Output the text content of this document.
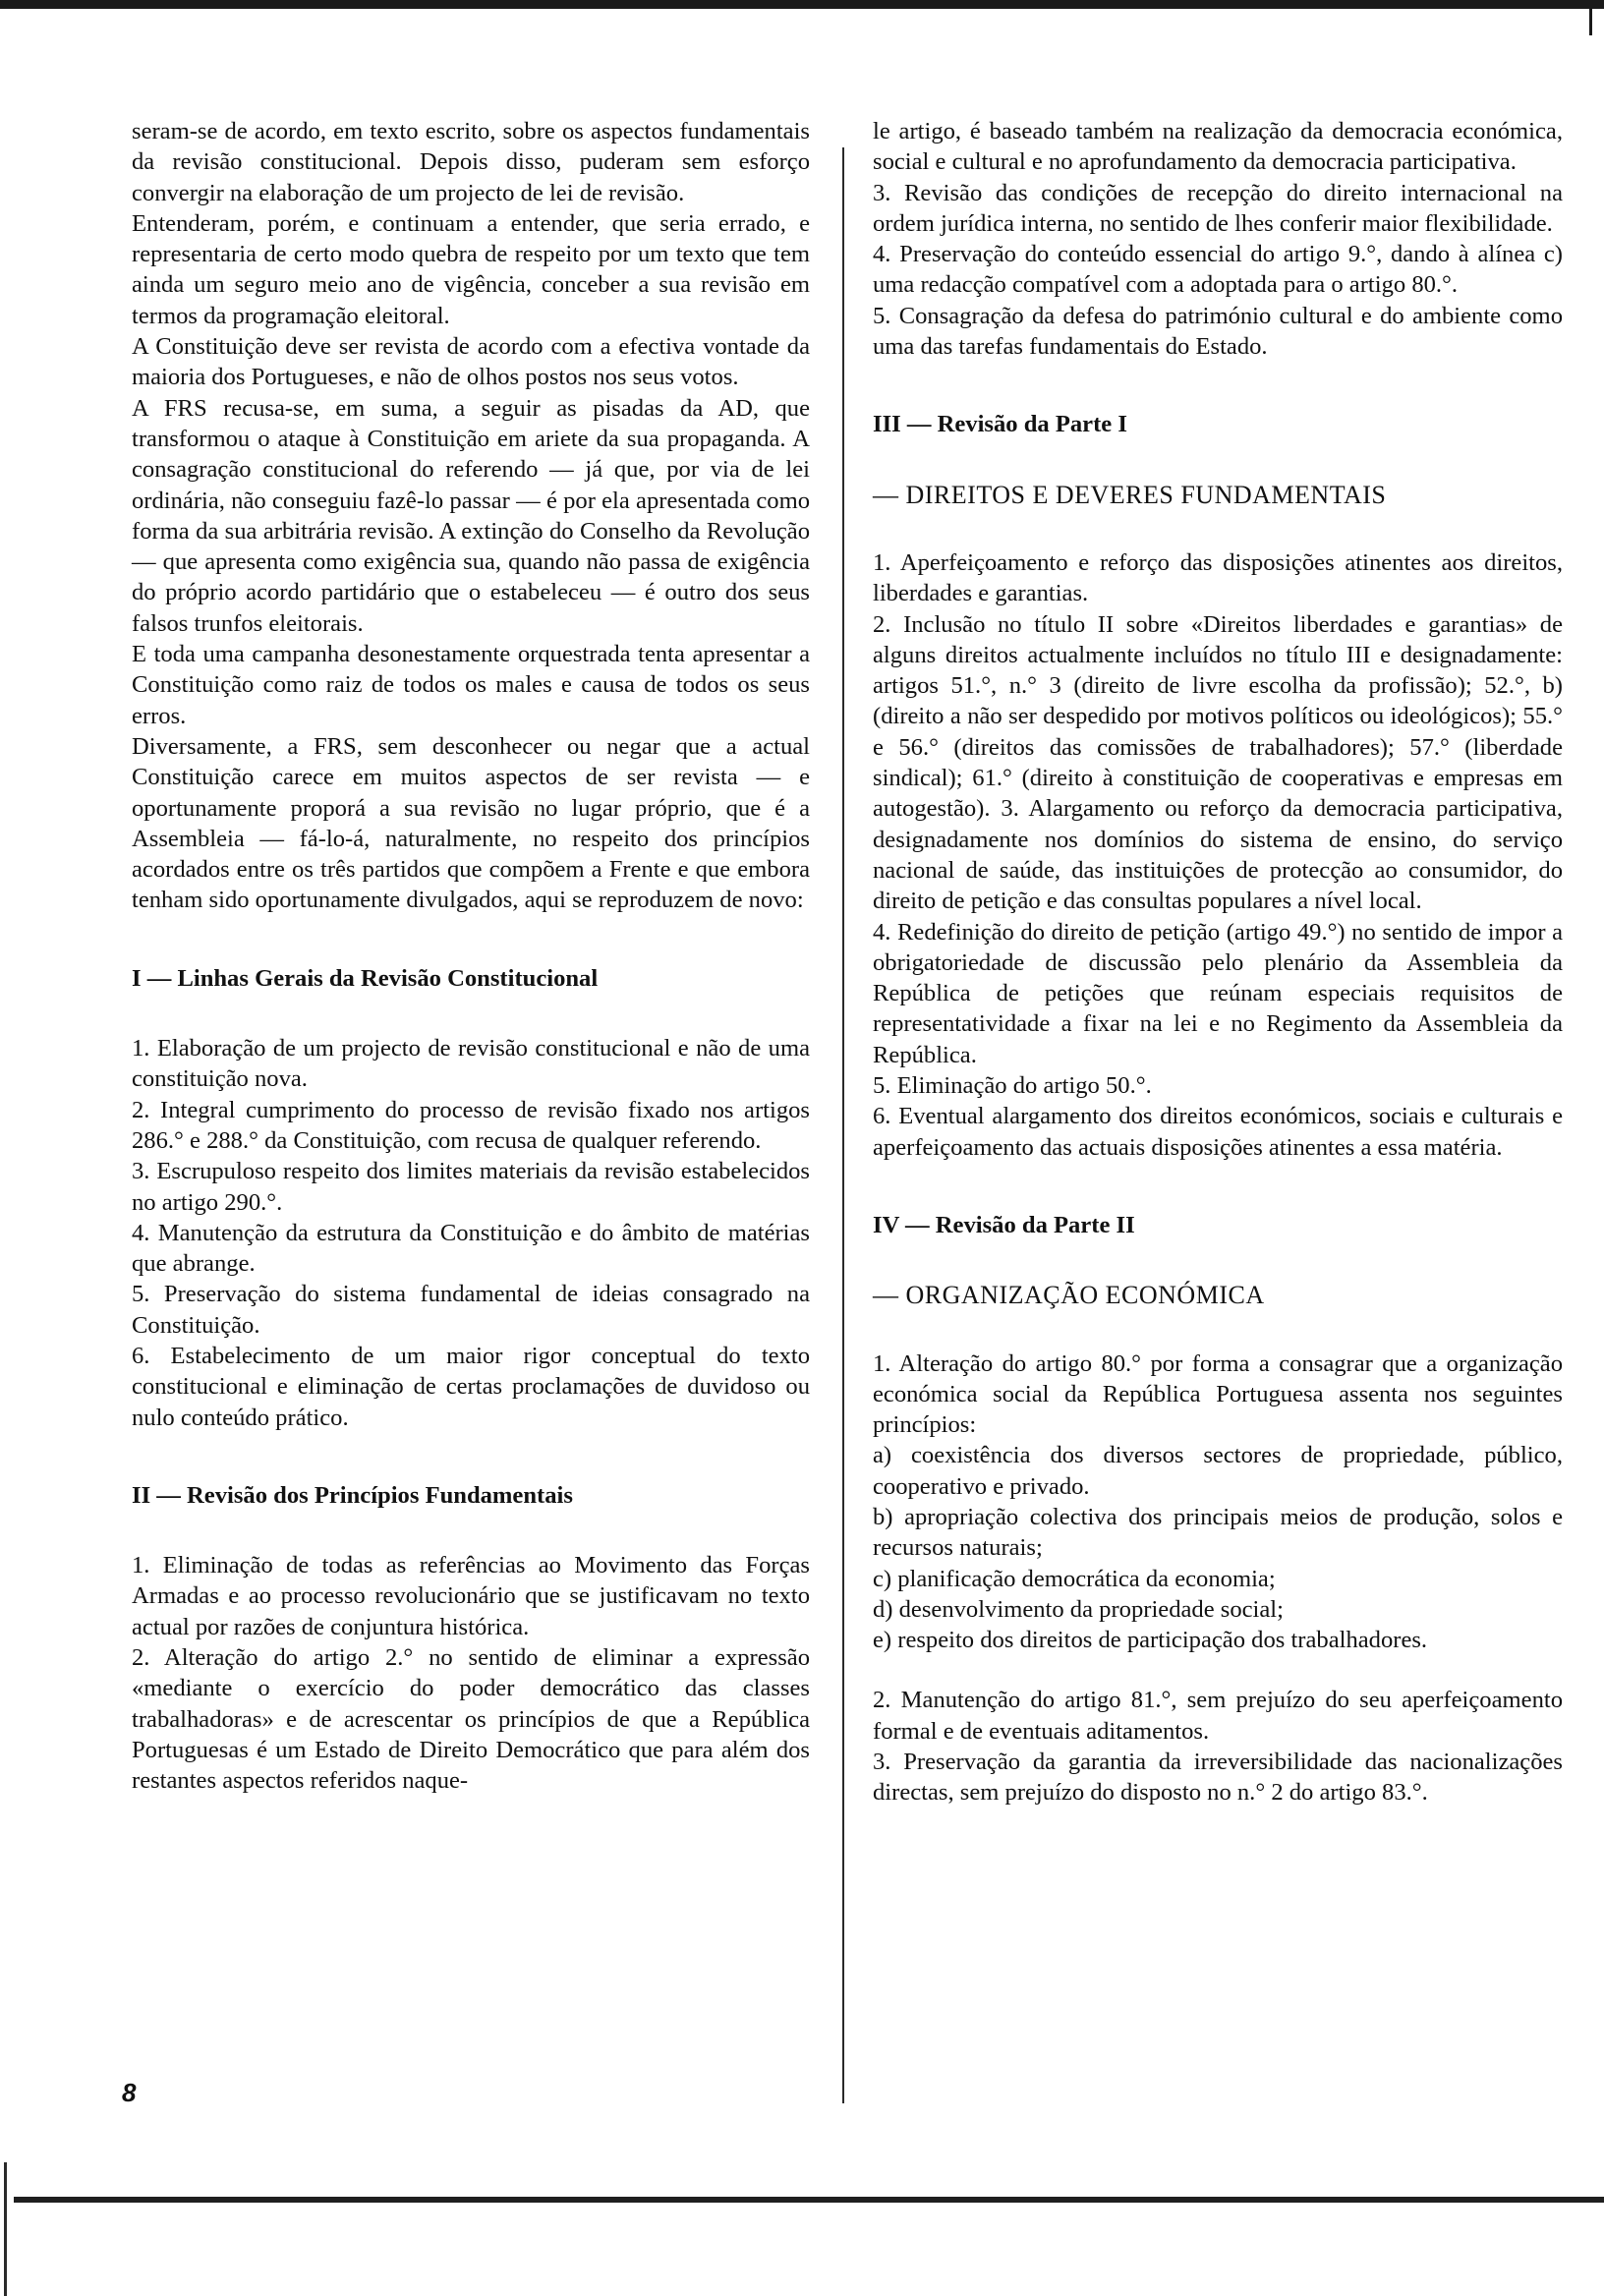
seram-se de acordo, em texto escrito, sobre os aspectos fundamentais da revisão constitucional. Depois disso, puderam sem esforço convergir na elaboração de um projecto de lei de revisão.

Entenderam, porém, e continuam a entender, que seria errado, e representaria de certo modo quebra de respeito por um texto que tem ainda um seguro meio ano de vigência, conceber a sua revisão em termos da programação eleitoral.

A Constituição deve ser revista de acordo com a efectiva vontade da maioria dos Portugueses, e não de olhos postos nos seus votos.

A FRS recusa-se, em suma, a seguir as pisadas da AD, que transformou o ataque à Constituição em ariete da sua propaganda. A consagração constitucional do referendo — já que, por via de lei ordinária, não conseguiu fazê-lo passar — é por ela apresentada como forma da sua arbitrária revisão. A extinção do Conselho da Revolução — que apresenta como exigência sua, quando não passa de exigência do próprio acordo partidário que o estabeleceu — é outro dos seus falsos trunfos eleitorais.

E toda uma campanha desonestamente orquestrada tenta apresentar a Constituição como raiz de todos os males e causa de todos os seus erros.

Diversamente, a FRS, sem desconhecer ou negar que a actual Constituição carece em muitos aspectos de ser revista — e oportunamente proporá a sua revisão no lugar próprio, que é a Assembleia — fá-lo-á, naturalmente, no respeito dos princípios acordados entre os três partidos que compõem a Frente e que embora tenham sido oportunamente divulgados, aqui se reproduzem de novo:

I — Linhas Gerais da Revisão Constitucional

1. Elaboração de um projecto de revisão constitucional e não de uma constituição nova.

2. Integral cumprimento do processo de revisão fixado nos artigos 286.° e 288.° da Constituição, com recusa de qualquer referendo.

3. Escrupuloso respeito dos limites materiais da revisão estabelecidos no artigo 290.°.

4. Manutenção da estrutura da Constituição e do âmbito de matérias que abrange.

5. Preservação do sistema fundamental de ideias consagrado na Constituição.

6. Estabelecimento de um maior rigor conceptual do texto constitucional e eliminação de certas proclamações de duvidoso ou nulo conteúdo prático.

II — Revisão dos Princípios Fundamentais

1. Eliminação de todas as referências ao Movimento das Forças Armadas e ao processo revolucionário que se justificavam no texto actual por razões de conjuntura histórica.

2. Alteração do artigo 2.° no sentido de eliminar a expressão «mediante o exercício do poder democrático das classes trabalhadoras» e de acrescentar os princípios de que a República Portuguesas é um Estado de Direito Democrático que para além dos restantes aspectos referidos naque-

le artigo, é baseado também na realização da democracia económica, social e cultural e no aprofundamento da democracia participativa.

3. Revisão das condições de recepção do direito internacional na ordem jurídica interna, no sentido de lhes conferir maior flexibilidade.

4. Preservação do conteúdo essencial do artigo 9.°, dando à alínea c) uma redacção compatível com a adoptada para o artigo 80.°.

5. Consagração da defesa do património cultural e do ambiente como uma das tarefas fundamentais do Estado.

III — Revisão da Parte I
— DIREITOS E DEVERES FUNDAMENTAIS

1. Aperfeiçoamento e reforço das disposições atinentes aos direitos, liberdades e garantias.

2. Inclusão no título II sobre «Direitos liberdades e garantias» de alguns direitos actualmente incluídos no título III e designadamente: artigos 51.°, n.° 3 (direito de livre escolha da profissão); 52.°, b) (direito a não ser despedido por motivos políticos ou ideológicos); 55.° e 56.° (direitos das comissões de trabalhadores); 57.° (liberdade sindical); 61.° (direito à constituição de cooperativas e empresas em autogestão). 3. Alargamento ou reforço da democracia participativa, designadamente nos domínios do sistema de ensino, do serviço nacional de saúde, das instituições de protecção ao consumidor, do direito de petição e das consultas populares a nível local.

4. Redefinição do direito de petição (artigo 49.°) no sentido de impor a obrigatoriedade de discussão pelo plenário da Assembleia da República de petições que reúnam especiais requisitos de representatividade a fixar na lei e no Regimento da Assembleia da República.

5. Eliminação do artigo 50.°.

6. Eventual alargamento dos direitos económicos, sociais e culturais e aperfeiçoamento das actuais disposições atinentes a essa matéria.

IV — Revisão da Parte II
— ORGANIZAÇÃO ECONÓMICA

1. Alteração do artigo 80.° por forma a consagrar que a organização económica social da República Portuguesa assenta nos seguintes princípios:

a) coexistência dos diversos sectores de propriedade, público, cooperativo e privado.

b) apropriação colectiva dos principais meios de produção, solos e recursos naturais;

c) planificação democrática da economia;

d) desenvolvimento da propriedade social;

e) respeito dos direitos de participação dos trabalhadores.

2. Manutenção do artigo 81.°, sem prejuízo do seu aperfeiçoamento formal e de eventuais aditamentos.

3. Preservação da garantia da irreversibilidade das nacionalizações directas, sem prejuízo do disposto no n.° 2 do artigo 83.°.

8
